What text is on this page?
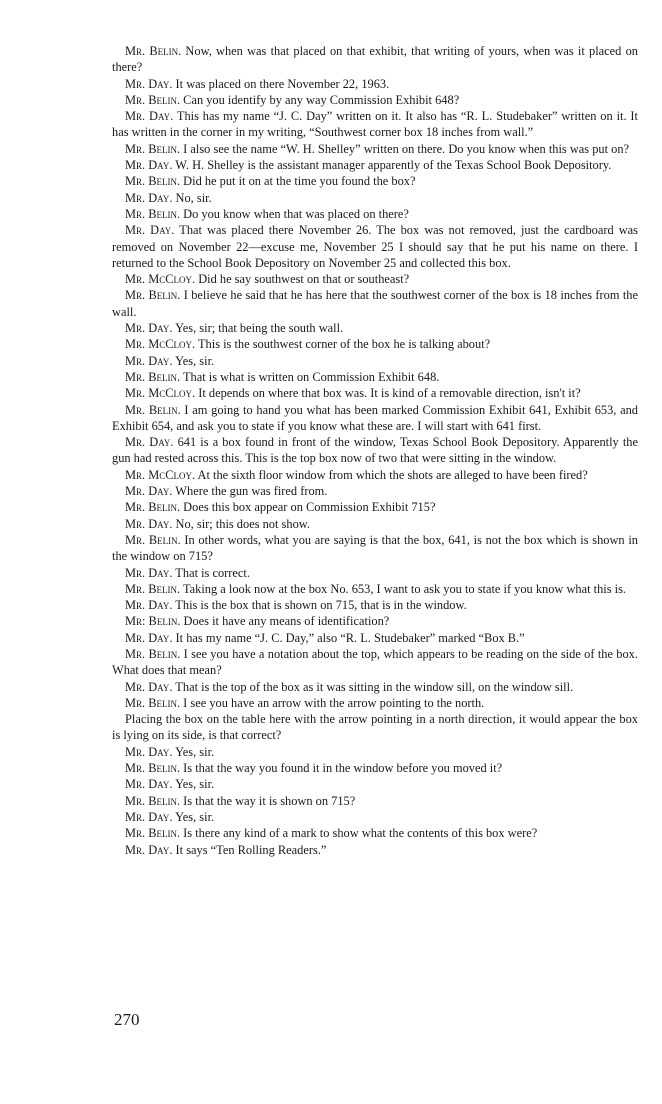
Mr. Belin. Now, when was that placed on that exhibit, that writing of yours, when was it placed on there?

Mr. Day. It was placed on there November 22, 1963.

Mr. Belin. Can you identify by any way Commission Exhibit 648?

Mr. Day. This has my name “J. C. Day” written on it. It also has “R. L. Studebaker” written on it. It has written in the corner in my writing, “Southwest corner box 18 inches from wall.”

Mr. Belin. I also see the name “W. H. Shelley” written on there. Do you know when this was put on?

Mr. Day. W. H. Shelley is the assistant manager apparently of the Texas School Book Depository.

Mr. Belin. Did he put it on at the time you found the box?

Mr. Day. No, sir.

Mr. Belin. Do you know when that was placed on there?

Mr. Day. That was placed there November 26. The box was not removed, just the cardboard was removed on November 22—excuse me, November 25 I should say that he put his name on there. I returned to the School Book Depository on November 25 and collected this box.

Mr. McCloy. Did he say southwest on that or southeast?

Mr. Belin. I believe he said that he has here that the southwest corner of the box is 18 inches from the wall.

Mr. Day. Yes, sir; that being the south wall.

Mr. McCloy. This is the southwest corner of the box he is talking about?

Mr. Day. Yes, sir.

Mr. Belin. That is what is written on Commission Exhibit 648.

Mr. McCloy. It depends on where that box was. It is kind of a removable direction, isn't it?

Mr. Belin. I am going to hand you what has been marked Commission Exhibit 641, Exhibit 653, and Exhibit 654, and ask you to state if you know what these are. I will start with 641 first.

Mr. Day. 641 is a box found in front of the window, Texas School Book Depository. Apparently the gun had rested across this. This is the top box now of two that were sitting in the window.

Mr. McCloy. At the sixth floor window from which the shots are alleged to have been fired?

Mr. Day. Where the gun was fired from.

Mr. Belin. Does this box appear on Commission Exhibit 715?

Mr. Day. No, sir; this does not show.

Mr. Belin. In other words, what you are saying is that the box, 641, is not the box which is shown in the window on 715?

Mr. Day. That is correct.

Mr. Belin. Taking a look now at the box No. 653, I want to ask you to state if you know what this is.

Mr. Day. This is the box that is shown on 715, that is in the window.

Mr: Belin. Does it have any means of identification?

Mr. Day. It has my name “J. C. Day,” also “R. L. Studebaker” marked “Box B.”

Mr. Belin. I see you have a notation about the top, which appears to be reading on the side of the box. What does that mean?

Mr. Day. That is the top of the box as it was sitting in the window sill, on the window sill.

Mr. Belin. I see you have an arrow with the arrow pointing to the north.

Placing the box on the table here with the arrow pointing in a north direction, it would appear the box is lying on its side, is that correct?

Mr. Day. Yes, sir.

Mr. Belin. Is that the way you found it in the window before you moved it?

Mr. Day. Yes, sir.

Mr. Belin. Is that the way it is shown on 715?

Mr. Day. Yes, sir.

Mr. Belin. Is there any kind of a mark to show what the contents of this box were?

Mr. Day. It says “Ten Rolling Readers.”

270
